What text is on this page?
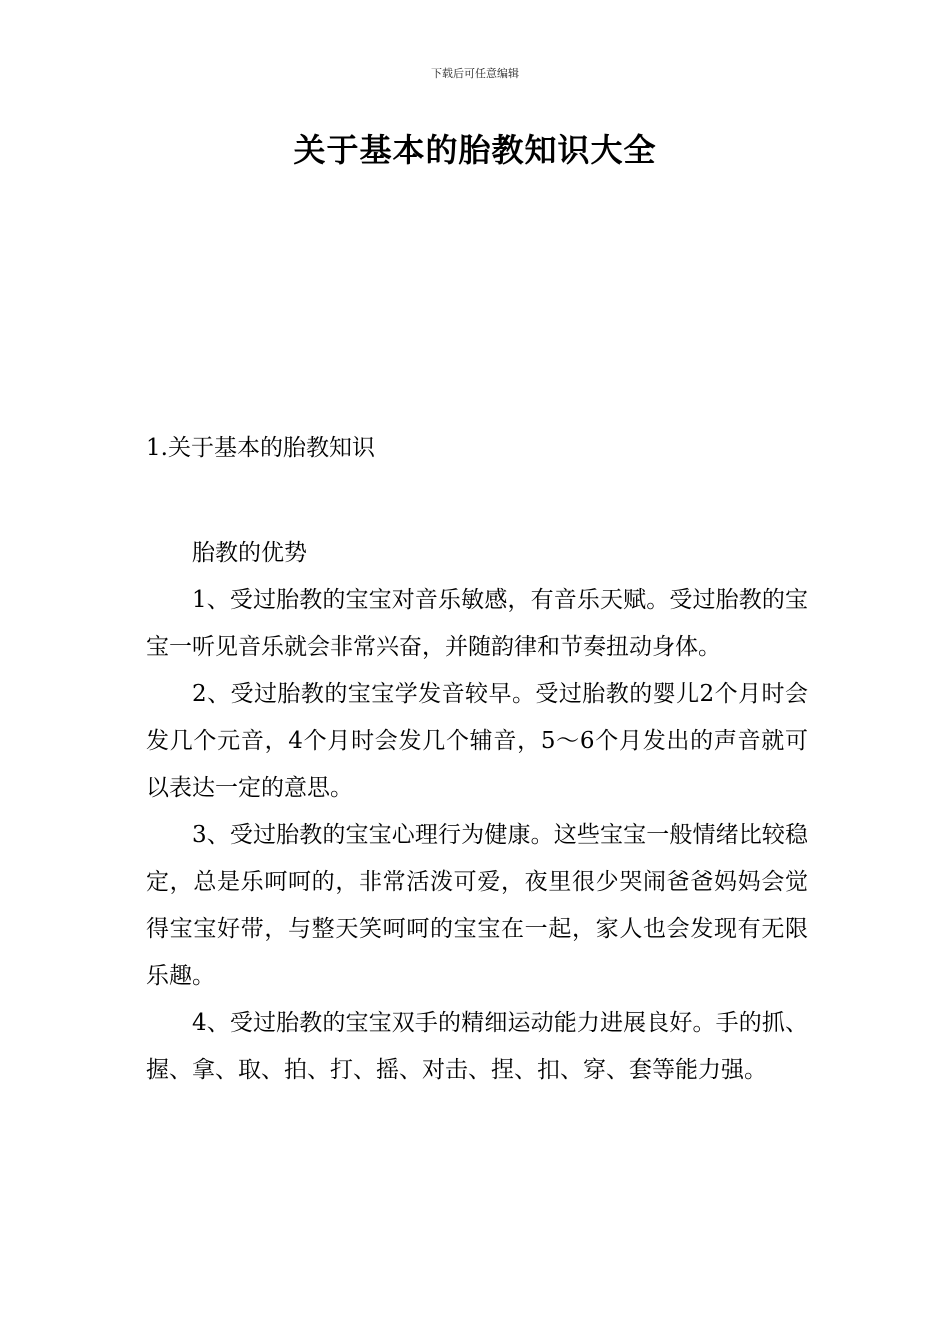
下载后可任意编辑
关于基本的胎教知识大全
1.关于基本的胎教知识

胎教的优势

1、受过胎教的宝宝对音乐敏感，有音乐天赋。受过胎教的宝宝一听见音乐就会非常兴奋，并随韵律和节奏扭动身体。

2、受过胎教的宝宝学发音较早。受过胎教的婴儿2个月时会发几个元音，4个月时会发几个辅音，5～6个月发出的声音就可以表达一定的意思。

3、受过胎教的宝宝心理行为健康。这些宝宝一般情绪比较稳定，总是乐呵呵的，非常活泼可爱，夜里很少哭闹爸爸妈妈会觉得宝宝好带，与整天笑呵呵的宝宝在一起，家人也会发现有无限乐趣。

4、受过胎教的宝宝双手的精细运动能力进展良好。手的抓、握、拿、取、拍、打、摇、对击、捏、扣、穿、套等能力强。
